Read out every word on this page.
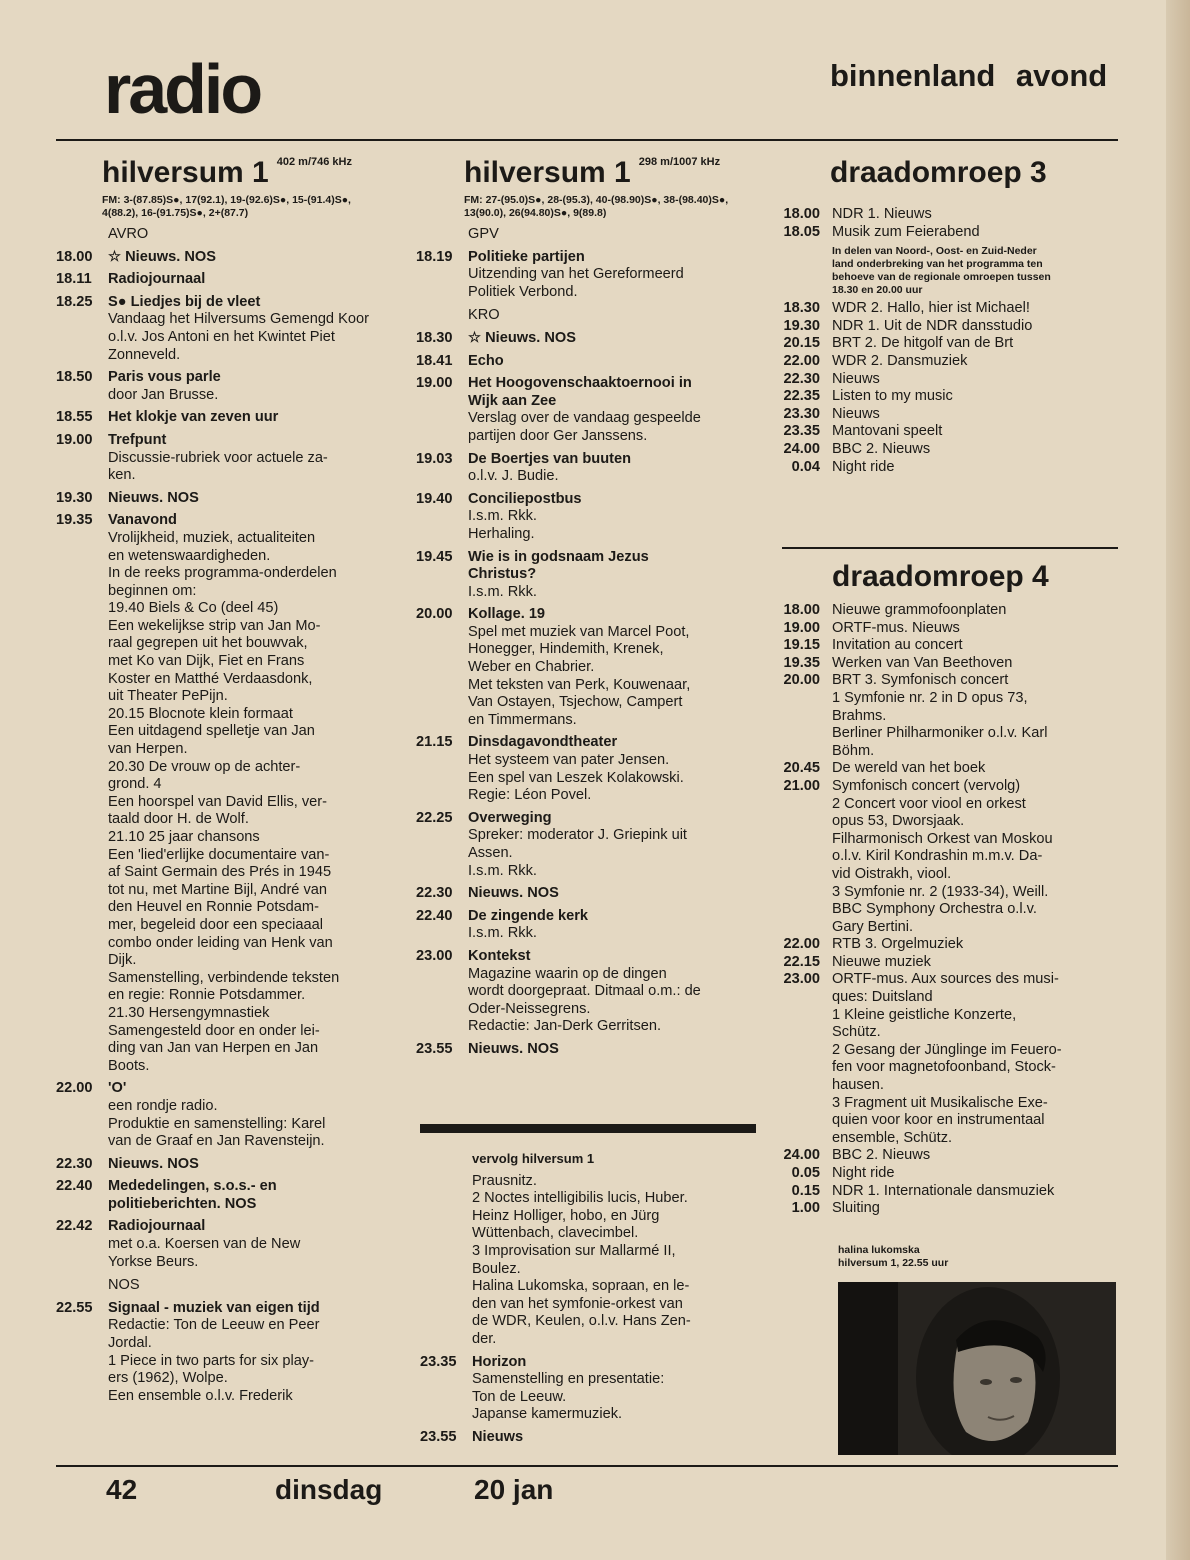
radio	binnenland avond
hilversum 1 $^{402 m/746 kHz}$
FM: 3-(87.85)S●, 17(92.1), 19-(92.6)S●, 15-(91.4)S●, 4(88.2), 16-(91.75)S●, 2+(87.7)
AVRO
18.00 ☆ Nieuws. NOS
18.11 Radiojournaal
18.25 S● Liedjes bij de vleet
Vandaag het Hilversums Gemengd Koor o.l.v. Jos Antoni en het Kwintet Piet Zonneveld.
18.50 Paris vous parle
door Jan Brusse.
18.55 Het klokje van zeven uur
19.00 Trefpunt
Discussie-rubriek voor actuele za-
ken.
19.30 Nieuws. NOS
19.35 Vanavond
Vrolijkheid, muziek, actualiteiten
en wetenswaardigheden.
In de reeks programma-onderdelen
beginnen om:
19.40 Biels & Co (deel 45)
Een wekelijkse strip van Jan Mo-
raal gegrepen uit het bouwvak,
met Ko van Dijk, Fiet en Frans
Koster en Matthé Verdaasdonk,
uit Theater PePijn.
20.15 Blocnote klein formaat
Een uitdagend spelletje van Jan
van Herpen.
20.30 De vrouw op de achter-
grond. 4
Een hoorspel van David Ellis, ver-
taald door H. de Wolf.
21.10 25 jaar chansons
Een 'lied'erlijke documentaire van-
af Saint Germain des Prés in 1945
tot nu, met Martine Bijl, André van
den Heuvel en Ronnie Potsdam-
mer, begeleid door een speciaaal
combo onder leiding van Henk van
Dijk.
Samenstelling, verbindende teksten
en regie: Ronnie Potsdammer.
21.30 Hersengymnastiek
Samengesteld door en onder lei-
ding van Jan van Herpen en Jan
Boots.
22.00 'O'
een rondje radio.
Produktie en samenstelling: Karel
van de Graaf en Jan Ravensteijn.
22.30 Nieuws. NOS
22.40 Mededelingen, s.o.s.- en
politieberichten. NOS
22.42 Radiojournaal
met o.a. Koersen van de New
Yorkse Beurs.
NOS
22.55 Signaal - muziek van eigen tijd
Redactie: Ton de Leeuw en Peer
Jordal.
1 Piece in two parts for six play-
ers (1962), Wolpe.
Een ensemble o.l.v. Frederik
hilversum 1 $^{298 m/1007 kHz}$
FM: 27-(95.0)S●, 28-(95.3), 40-(98.90)S●, 38-(98.40)S●, 13(90.0), 26(94.80)S●, 9(89.8)
GPV
18.19 Politieke partijen
Uitzending van het Gereformeerd
Politiek Verbond.
KRO
18.30 ☆ Nieuws. NOS
18.41 Echo
19.00 Het Hoogovenschaaktoernooi in
Wijk aan Zee
Verslag over de vandaag gespeelde
partijen door Ger Janssens.
19.03 De Boertjes van buuten
o.l.v. J. Budie.
19.40 Conciliepostbus
I.s.m. Rkk.
Herhaling.
19.45 Wie is in godsnaam Jezus
Christus?
I.s.m. Rkk.
20.00 Kollage. 19
Spel met muziek van Marcel Poot,
Honegger, Hindemith, Krenek,
Weber en Chabrier.
Met teksten van Perk, Kouwenaar,
Van Ostayen, Tsjechow, Campert
en Timmermans.
21.15 Dinsdagavondtheater
Het systeem van pater Jensen.
Een spel van Leszek Kolakowski.
Regie: Léon Povel.
22.25 Overweging
Spreker: moderator J. Griepink uit
Assen.
I.s.m. Rkk.
22.30 Nieuws. NOS
22.40 De zingende kerk
I.s.m. Rkk.
23.00 Kontekst
Magazine waarin op de dingen
wordt doorgepraat. Ditmaal o.m.: de
Oder-Neissegrens.
Redactie: Jan-Derk Gerritsen.
23.55 Nieuws. NOS
vervolg hilversum 1
Prausnitz.
2 Noctes intelligibilis lucis, Huber.
Heinz Holliger, hobo, en Jürg
Wüttenbach, clavecimbel.
3 Improvisation sur Mallarmé II,
Boulez.
Halina Lukomska, sopraan, en le-
den van het symfonie-orkest van
de WDR, Keulen, o.l.v. Hans Zen-
der.
23.35 Horizon
Samenstelling en presentatie:
Ton de Leeuw.
Japanse kamermuziek.
23.55 Nieuws
draadomroep 3
18.00 NDR 1. Nieuws
18.05 Musik zum Feierabend
In delen van Noord-, Oost- en Zuid-Neder
land onderbreking van het programma ten
behoeve van de regionale omroepen tussen
18.30 en 20.00 uur
18.30 WDR 2. Hallo, hier ist Michael!
19.30 NDR 1. Uit de NDR dansstudio
20.15 BRT 2. De hitgolf van de Brt
22.00 WDR 2. Dansmuziek
22.30 Nieuws
22.35 Listen to my music
23.30 Nieuws
23.35 Mantovani speelt
24.00 BBC 2. Nieuws
0.04 Night ride
draadomroep 4
18.00 Nieuwe grammofoonplaten
19.00 ORTF-mus. Nieuws
19.15 Invitation au concert
19.35 Werken van Van Beethoven
20.00 BRT 3. Symfonisch concert
1 Symfonie nr. 2 in D opus 73,
Brahms.
Berliner Philharmoniker o.l.v. Karl
Böhm.
20.45 De wereld van het boek
21.00 Symfonisch concert (vervolg)
2 Concert voor viool en orkest
opus 53, Dworsjaak.
Filharmonisch Orkest van Moskou
o.l.v. Kiril Kondrashin m.m.v. Da-
vid Oistrakh, viool.
3 Symfonie nr. 2 (1933-34), Weill.
BBC Symphony Orchestra o.l.v.
Gary Bertini.
22.00 RTB 3. Orgelmuziek
22.15 Nieuwe muziek
23.00 ORTF-mus. Aux sources des musi-
ques: Duitsland
1 Kleine geistliche Konzerte,
Schütz.
2 Gesang der Jünglinge im Feuero-
fen voor magnetofoonband, Stock-
hausen.
3 Fragment uit Musikalische Exe-
quien voor koor en instrumentaal
ensemble, Schütz.
24.00 BBC 2. Nieuws
0.05 Night ride
0.15 NDR 1. Internationale dansmuziek
1.00 Sluiting
halina lukomska
hilversum 1, 22.55 uur
42	dinsdag	20 jan
